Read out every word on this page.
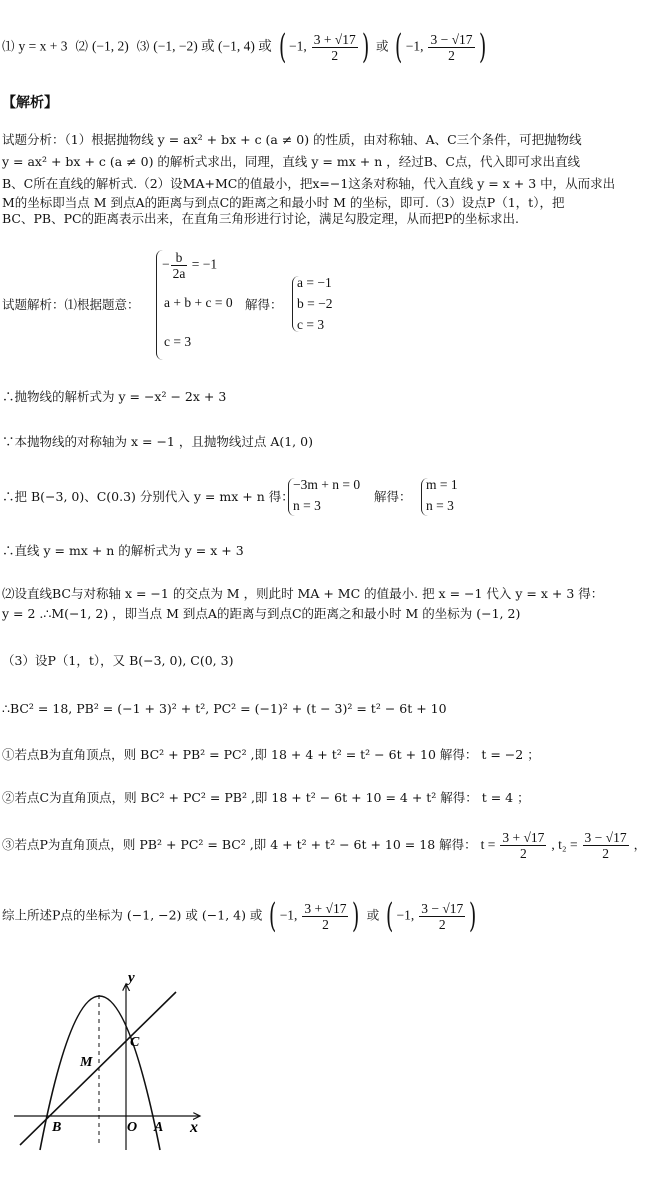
⑴ y = x + 3 ⑵ (−1, 2) ⑶ (−1, −2) 或 (−1, 4) 或 ( −1, $\frac{3 + √17}{2}$ ) 或 ( −1, $\frac{3 - √17}{2}$ )
【解析】
试题分析：（1）根据抛物线 y = ax² + bx + c (a ≠ 0) 的性质，由对称轴、A、C三个条件，可把抛物线
y = ax² + bx + c (a ≠ 0) 的解析式求出，同理，直线 y = mx + n ，经过B、C点，代入即可求出直线
B、C所在直线的解析式.（2）设MA+MC的值最小，把x=−1这条对称轴，代入直线 y = x + 3 中，从而求出
M的坐标即当点 M 到点A的距离与到点C的距离之和最小时 M 的坐标，即可.（3）设点P（1，t），把
BC、PB、PC的距离表示出来，在直角三角形进行讨论，满足勾股定理，从而把P的坐标求出.
试题解析：⑴根据题意：
− $\frac{b}{2a} = -1$
a + b + c = 0
c = 3
解得：
a = −1
b = −2
c = 3
∴抛物线的解析式为 y = −x² − 2x + 3
∵本抛物线的对称轴为 x = −1 ，且抛物线过点 A(1, 0)
∴把 B(−3, 0)、C(0.3) 分别代入 y = mx + n 得：
−3m + n = 0
n = 3
解得：
m = 1
n = 3
∴直线 y = mx + n 的解析式为 y = x + 3
⑵设直线BC与对称轴 x = −1 的交点为 M ，则此时 MA + MC 的值最小. 把 x = −1 代入 y = x + 3 得：
y = 2 .∴M(−1, 2) ，即当点 M 到点A的距离与到点C的距离之和最小时 M 的坐标为 (−1, 2)
（3）设P（1，t），又 B(−3, 0), C(0, 3)
∴BC² = 18, PB² = (−1 + 3)² + t², PC² = (−1)² + (t − 3)² = t² − 6t + 10
①若点B为直角顶点，则 BC² + PB² = PC² ,即 18 + 4 + t² = t² − 6t + 10 解得： t = −2 ；
②若点C为直角顶点，则 BC² + PC² = PB² ,即 18 + t² − 6t + 10 = 4 + t² 解得： t = 4 ；
③若点P为直角顶点，则 PB² + PC² = BC² ,即 4 + t² + t² − 6t + 10 = 18 解得： $t = \frac{3 + √17}{2}$ , $t_2 = \frac{3 - √17}{2}$ ，
综上所述P点的坐标为 (−1, −2) 或 (−1, 4) 或 ( −1, $\frac{3 + √17}{2}$ ) 或 ( −1, $\frac{3 - √17}{2}$ )
y
x
C
M
B	O A
